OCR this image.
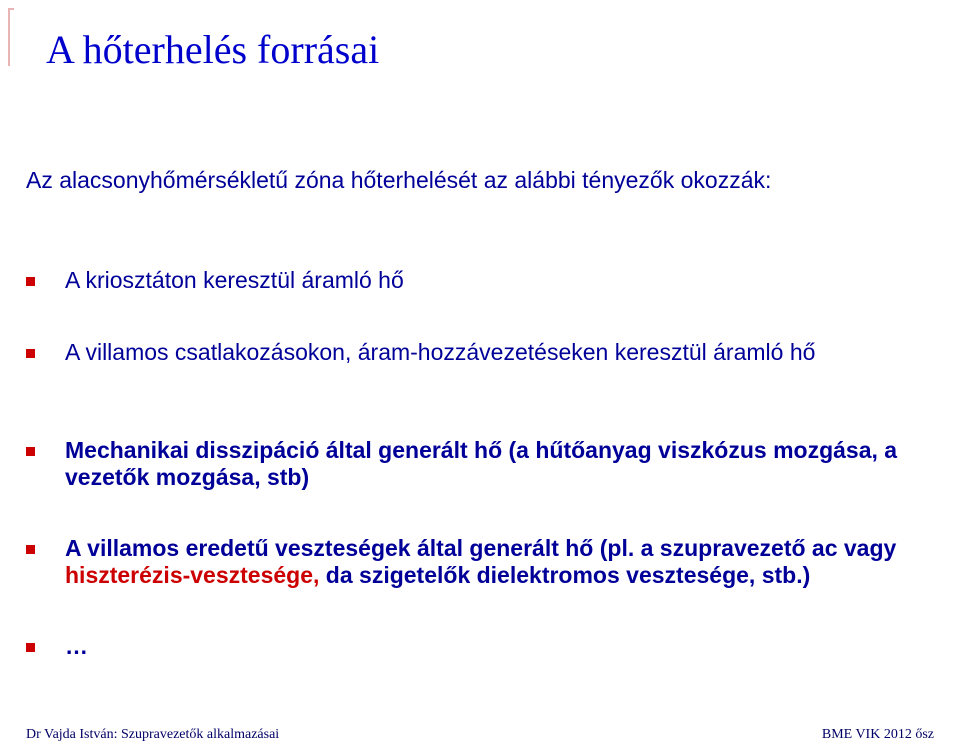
A hőterhelés forrásai

Az alacsonyhőmérsékletű zóna hőterhelését az alábbi tényezők okozzák:

A kriosztáton keresztül áramló hő
A villamos csatlakozásokon, áram-hozzávezetéseken keresztül áramló hő
Mechanikai disszipáció által generált hő (a hűtőanyag viszkózus mozgása, a vezetők mozgása, stb)
A villamos eredetű veszteségek által generált hő (pl. a szupravezető ac vagy hiszterézis-vesztesége, da szigetelők dielektromos vesztesége, stb.)
…
Dr Vajda István: Szupravezetők alkalmazásai	BME VIK 2012 ősz
